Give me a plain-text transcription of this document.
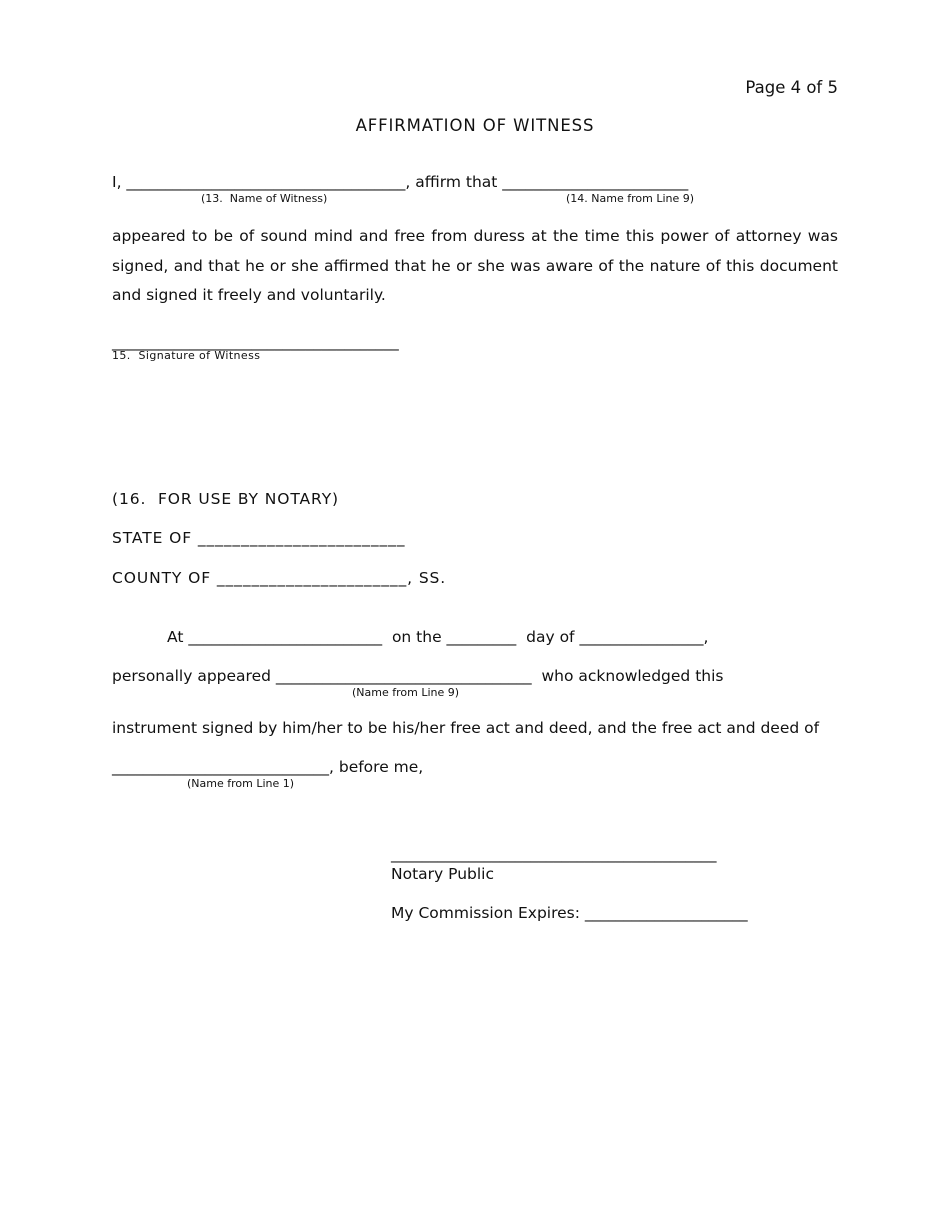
Page 4 of 5
AFFIRMATION OF WITNESS
I, ____________________________________, affirm that ________________________
(13.  Name of Witness)	(14. Name from Line 9)
appeared to be of sound mind and free from duress at the time this power of attorney was signed, and that he or she affirmed that he or she was aware of the nature of this document and signed it freely and voluntarily.
_____________________________________
15.  Signature of Witness
(16.  FOR USE BY NOTARY)
STATE OF ________________________
COUNTY OF ______________________, SS.
At _________________________  on the _________  day of ________________,
personally appeared _________________________________  who acknowledged this
(Name from Line 9)
instrument signed by him/her to be his/her free act and deed, and the free act and deed of
____________________________, before me,
(Name from Line 1)
__________________________________________
Notary Public
My Commission Expires: _____________________
